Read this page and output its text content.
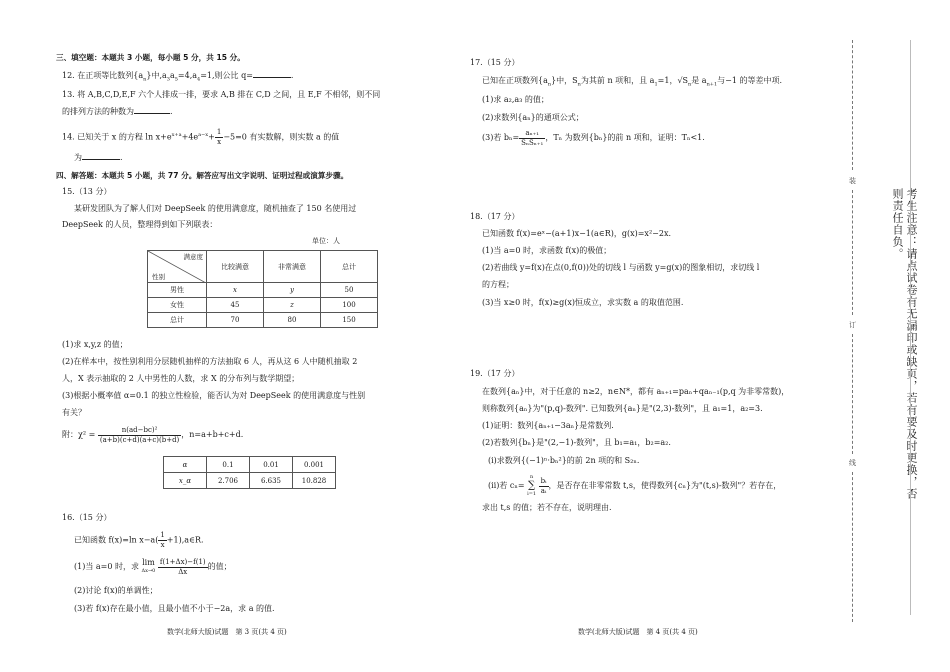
三、填空题：本题共 3 小题，每小题 5 分，共 15 分。
12. 在正项等比数列$\{a_n\}$中$,a_3a_5=4,a_4=1$,则公比 q=	.
13. 将 A,B,C,D,E,F 六个人排成一排，要求 A,B 排在 C,D 之间，且 E,F 不相邻，则不同
的排列方法的种数为	.
14. 已知关于 x 的方程 $\ln x+e^{x+a}+4e^{a-x}+ \frac{1}{x} -5=0$ 有实数解，则实数 a 的值
为	.
四、解答题：本题共 5 小题，共 77 分。解答应写出文字说明、证明过程或演算步骤。
15.（13 分）
某研发团队为了解人们对 DeepSeek 的使用满意度，随机抽查了 150 名使用过
DeepSeek 的人员，整理得到如下列联表：
单位：人
满意度
性别	比较满意	非常满意	总计
男性	x	y	50
女性	45	z	100
总计	70	80	150
(1)求 x,y,z 的值；
(2)在样本中，按性别利用分层随机抽样的方法抽取 6 人，再从这 6 人中随机抽取 2
人，X 表示抽取的 2 人中男性的人数，求 X 的分布列与数学期望；
(3)根据小概率值 α=0.1 的独立性检验，能否认为对 DeepSeek 的使用满意度与性别
有关？
附：$\chi^2 = \frac{\text{n(ad−bc)²}}{(a+b)(c+d)(a+c)(b+d)}$ ，n=a+b+c+d.
α	0.1	0.01	0.001
x_α	2.706	6.635	10.828
16.（15 分）
已知函数 f(x)=ln $x-a( \frac{1}{x}$ +1),a∈R.
(1)当 a=0 时，求 lim
Δx→0
$\frac{f(1+\Delta x)-f(1)}{\Delta x}$ 的值；
(2)讨论 f(x)的单调性；
(3)若 f(x)存在最小值，且最小值不小于−2a，求 a 的值.
数学(北师大版)试题　第 3 页(共 4 页)
17.（15 分）
已知在正项数列$\{a_n\}$中，$S_n$为其前 n 项和，且 $a_1=1$，$√S_n$是 $a_{n+1}$与−1 的等差中项.
(1)求 a₂,a₃ 的值；
(2)求数列{aₙ}的通项公式；
(3)若 $b_n= \frac{\text{aₙ₊₁}}{\text{SₙSₙ₊₁}}$ ，Tₙ 为数列{bₙ}的前 n 项和，证明：Tₙ<1.
18.（17 分）
已知函数 f(x)=eˣ−(a+1)x−1(a∈R)，g(x)=x²−2x.
(1)当 a=0 时，求函数 f(x)的极值；
(2)若曲线 y=f(x)在点(0,f(0))处的切线 l 与函数 y=g(x)的图象相切，求切线 l
的方程；
(3)当 x≥0 时，f(x)≥g(x)恒成立，求实数 a 的取值范围.
19.（17 分）
在数列{aₙ}中，对于任意的 n≥2，n∈N*，都有 aₙ₊₁=paₙ+qaₙ₋₁(p,q 为非零常数)，
则称数列{aₙ}为"(p,q)-数列". 已知数列{aₙ}是"(2,3)-数列"，且 a₁=1，a₂=3.
(1)证明：数列{aₙ₊₁−3aₙ}是常数列.
(2)若数列{bₙ}是"(2,−1)-数列"，且 b₁=a₁，b₂=a₂.
(ⅰ)求数列{(−1)ⁿ·bₙ²}的前 2n 项的和 S₂ₙ.
(ⅱ)若 cₙ=
n
∑
i=1
$\frac{\text{bᵢ}}{\text{aᵢ}}$ ，是否存在非零常数 t,s，使得数列{cₙ}为"(t,s)-数列"？若存在，
求出 t,s 的值；若不存在，说明理由.
数学(北师大版)试题　第 4 页(共 4 页)
装
订
线	考生注意：请点试卷有无漏印或缺页，若有要及时更换，否则责任自负。
